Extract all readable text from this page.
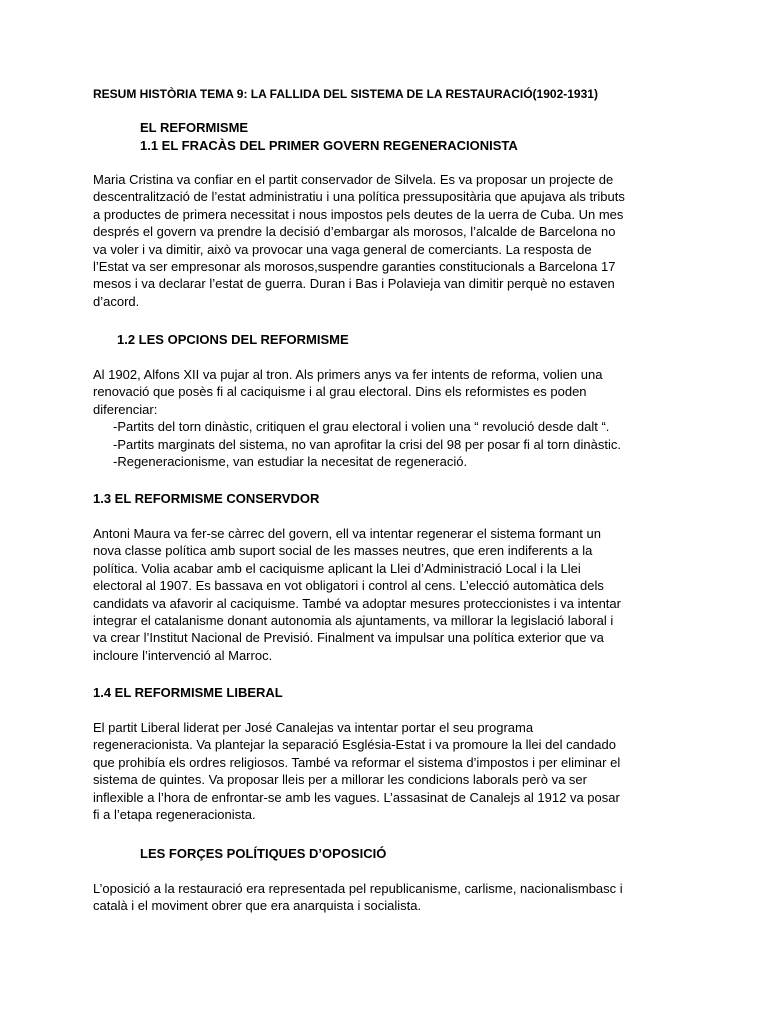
RESUM HISTÒRIA TEMA 9: LA FALLIDA DEL SISTEMA DE LA RESTAURACIÓ(1902-1931)
EL REFORMISME
1.1 EL FRACÀS DEL PRIMER GOVERN REGENERACIONISTA
Maria Cristina va confiar en el partit conservador de Silvela. Es va proposar un projecte de
descentralització de l’estat administratiu i una política pressupositària que apujava als tributs
a productes de primera necessitat i nous impostos pels deutes de la uerra de Cuba. Un mes
després el govern va prendre la decisió d’embargar als morosos, l’alcalde de Barcelona no
va voler i va dimitir, això va provocar una vaga general de comerciants. La resposta de
l’Estat va ser empresonar als morosos,suspendre garanties constitucionals a Barcelona 17
mesos i va declarar l’estat de guerra. Duran i Bas i Polavieja van dimitir perquè no estaven
d’acord.
1.2 LES OPCIONS DEL REFORMISME
Al 1902, Alfons XII va pujar al tron. Als primers anys va fer intents de reforma, volien una
renovació que posès fi al caciquisme i al grau electoral. Dins els reformistes es poden
diferenciar:
-Partits del torn dinàstic, critiquen el grau electoral i volien una “ revolució desde dalt “.
-Partits marginats del sistema, no van aprofitar la crisi del 98 per posar fi al torn dinàstic.
-Regeneracionisme, van estudiar la necesitat de regeneració.
1.3 EL REFORMISME CONSERVDOR
Antoni Maura va fer-se càrrec del govern, ell va intentar regenerar el sistema formant un
nova classe política amb suport social de les masses neutres, que eren indiferents a la
política. Volia acabar amb el caciquisme aplicant la Llei d’Administració Local i la Llei
electoral al 1907. Es bassava en vot obligatori i control al cens. L’elecció automàtica dels
candidats va afavorir al caciquisme. També va adoptar mesures proteccionistes i va intentar
integrar el catalanisme donant autonomia als ajuntaments, va millorar la legislació laboral i
va crear l’Institut Nacional de Previsió. Finalment va impulsar una política exterior que va
incloure l’intervenció al Marroc.
1.4 EL REFORMISME LIBERAL
El partit Liberal liderat per José Canalejas va intentar portar el seu programa
regeneracionista. Va plantejar la separació Església-Estat i va promoure la llei del candado
que prohibía els ordres religiosos. També va reformar el sistema d’impostos i per eliminar el
sistema de quintes. Va proposar lleis per a millorar les condicions laborals però va ser
inflexible a l’hora de enfrontar-se amb les vagues. L’assasinat de Canalejs al 1912 va posar
fi a l’etapa regeneracionista.
LES FORÇES POLÍTIQUES D’OPOSICIÓ
L’oposició a la restauració era representada pel republicanisme, carlisme, nacionalismbasc i
català i el moviment obrer que era anarquista i socialista.
